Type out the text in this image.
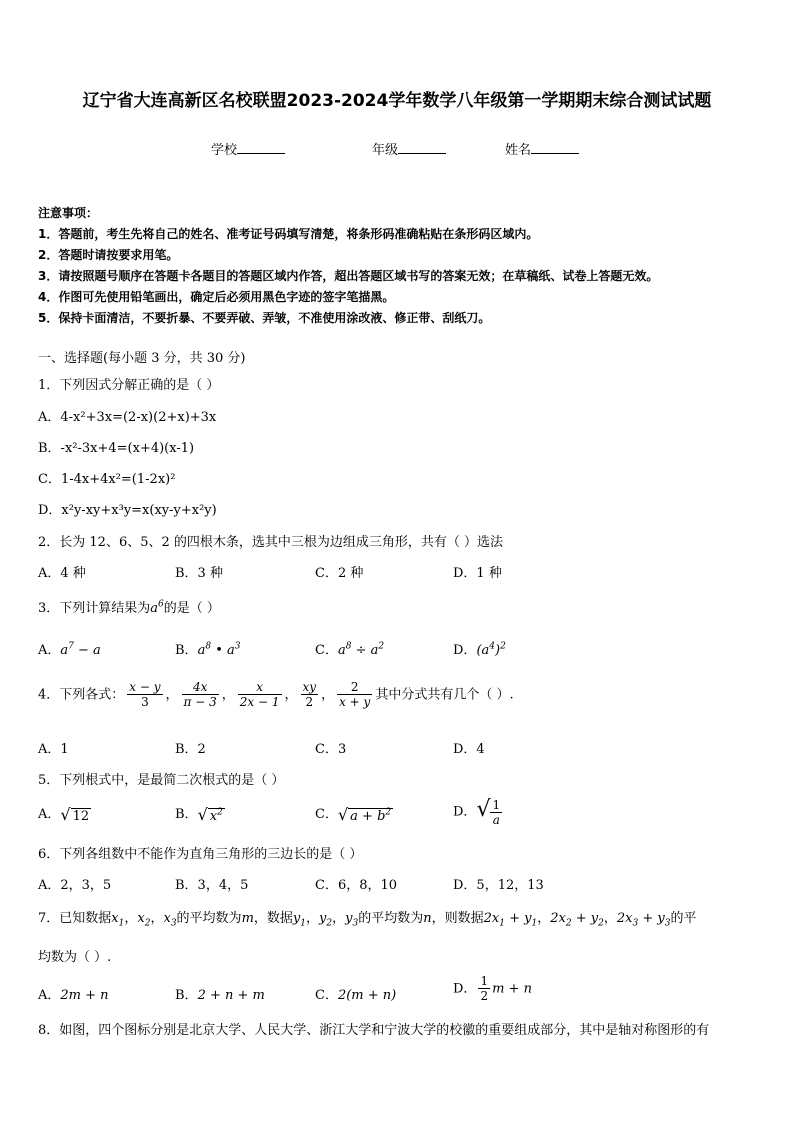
辽宁省大连高新区名校联盟2023-2024学年数学八年级第一学期期末综合测试试题
学校	年级	姓名
注意事项：
1．答题前，考生先将自己的姓名、准考证号码填写清楚，将条形码准确粘贴在条形码区域内。
2．答题时请按要求用笔。
3．请按照题号顺序在答题卡各题目的答题区域内作答，超出答题区域书写的答案无效；在草稿纸、试卷上答题无效。
4．作图可先使用铅笔画出，确定后必须用黑色字迹的签字笔描黑。
5．保持卡面清洁，不要折暴、不要弄破、弄皱，不准使用涂改液、修正带、刮纸刀。
一、选择题(每小题 3 分，共 30 分)
1．下列因式分解正确的是（ ）
A．4-x²+3x=(2-x)(2+x)+3x
B．-x²-3x+4=(x+4)(x-1)
C．1-4x+4x²=(1-2x)²
D．x²y-xy+x³y=x(xy-y+x²y)
2．长为 12、6、5、2 的四根木条，选其中三根为边组成三角形，共有（ ）选法
A．4 种	B．3 种	C．2 种	D．1 种
3．下列计算结果为$a^6$的是（ ）
A．$a^7 - a$	B．$a^8$ • $a^3$	C．$a^8 \div a^2$	D．$(a^4)^2$
4．下列各式： $\frac{x - y}{3}$ ， $\frac{4x}{\pi - 3}$ ， $\frac{x}{2x - 1}$ ， $\frac{xy}{2}$ ， $\frac{2}{x + y}$ 其中分式共有几个（ ）.
A．1	B．2	C．3	D．4
5．下列根式中，是最简二次根式的是（ ）
A．√ 12	B．√ $x^2$	C．√ $a + b^2$	D．√ $\frac{1}{a}$
6．下列各组数中不能作为直角三角形的三边长的是（ ）
A．2，3，5	B．3，4，5	C．6，8，10	D．5，12，13
7．已知数据$x_1$，$x_2$，$x_3$的平均数为m，数据$y_1$，$y_2$，$y_3$的平均数为n，则数据$2x_1 + y_1$，$2x_2 + y_2$，$2x_3 + y_3$的平
均数为（ ）.
A．2m + n	B．2 + n + m	C．2(m + n)	D． $\frac{1}{2}$ m + n
8．如图，四个图标分别是北京大学、人民大学、浙江大学和宁波大学的校徽的重要组成部分，其中是轴对称图形的有
